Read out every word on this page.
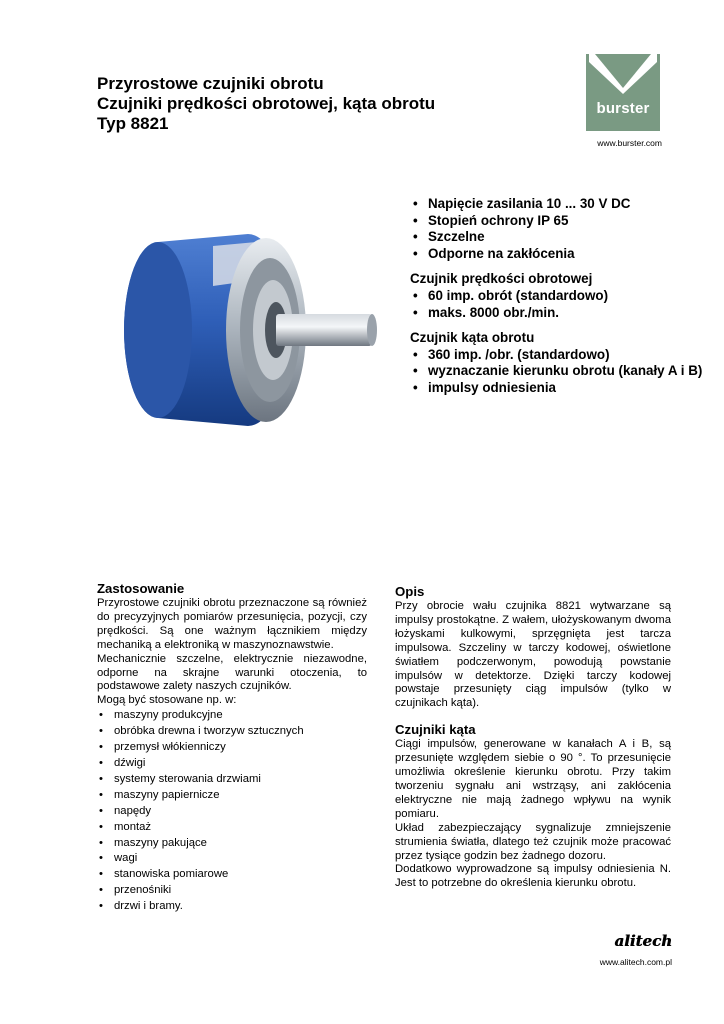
Przyrostowe czujniki obrotu
Czujniki prędkości obrotowej, kąta obrotu
Typ 8821
burster
www.burster.com
• Napięcie zasilania 10 ... 30 V DC
• Stopień ochrony IP 65
• Szczelne
• Odporne na zakłócenia
Czujnik prędkości obrotowej
• 60 imp. obrót (standardowo)
• maks. 8000 obr./min.
Czujnik kąta obrotu
• 360 imp. /obr. (standardowo)
• wyznaczanie kierunku obrotu (kanały A i B)
• impulsy odniesienia
Zastosowanie
Przyrostowe czujniki obrotu przeznaczone są również do precyzyjnych pomiarów przesunięcia, pozycji, czy prędkości. Są one ważnym łącznikiem między mechaniką a elektroniką w maszynoznawstwie.
Mechanicznie szczelne, elektrycznie niezawodne, odporne na skrajne warunki otoczenia, to podstawowe zalety naszych czujników.
Mogą być stosowane np. w:
• maszyny produkcyjne
• obróbka drewna i tworzyw sztucznych
• przemysł włókienniczy
• dźwigi
• systemy sterowania drzwiami
• maszyny papiernicze
• napędy
• montaż
• maszyny pakujące
• wagi
• stanowiska pomiarowe
• przenośniki
• drzwi i bramy.
Opis
Przy obrocie wału czujnika 8821 wytwarzane są impulsy prostokątne. Z wałem, ułożyskowanym dwoma łożyskami kulkowymi, sprzęgnięta jest tarcza impulsowa. Szczeliny w tarczy kodowej, oświetlone światłem podczerwonym, powodują powstanie impulsów w detektorze. Dzięki tarczy kodowej powstaje przesunięty ciąg impulsów (tylko w czujnikach kąta).
Czujniki kąta
Ciągi impulsów, generowane w kanałach A i B, są przesunięte względem siebie o 90 °. To przesunięcie umożliwia określenie kierunku obrotu. Przy takim tworzeniu sygnału ani wstrząsy, ani zakłócenia elektryczne nie mają żadnego wpływu na wynik pomiaru.
Układ zabezpieczający sygnalizuje zmniejszenie strumienia światła, dlatego też czujnik może pracować przez tysiące godzin bez żadnego dozoru.
Dodatkowo wyprowadzone są impulsy odniesienia N. Jest to potrzebne do określenia kierunku obrotu.
alitech
www.alitech.com.pl
